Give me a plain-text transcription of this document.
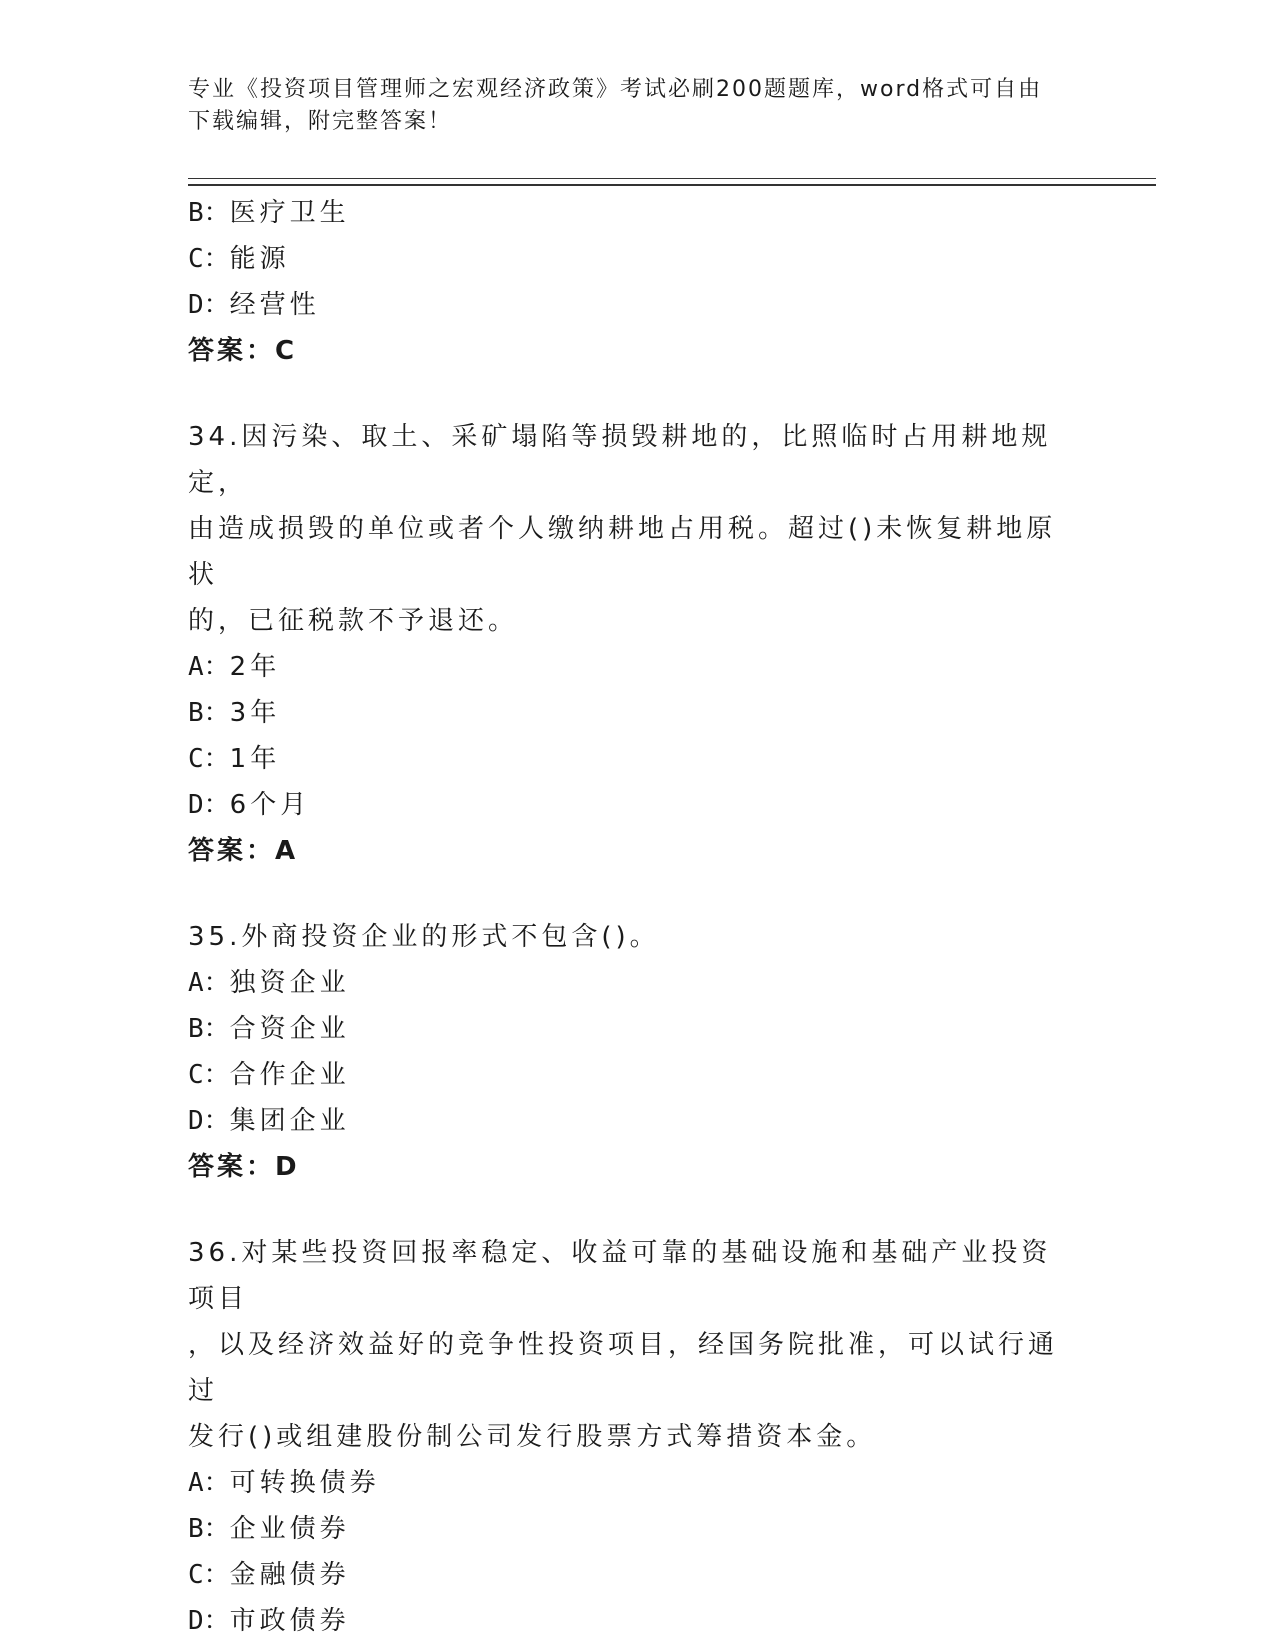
专业《投资项目管理师之宏观经济政策》考试必刷200题题库，word格式可自由
下载编辑，附完整答案！
B：医疗卫生
C：能源
D：经营性
答案：C
34.因污染、取土、采矿塌陷等损毁耕地的，比照临时占用耕地规定，
由造成损毁的单位或者个人缴纳耕地占用税。超过()未恢复耕地原状
的，已征税款不予退还。
A：2年
B：3年
C：1年
D：6个月
答案：A
35.外商投资企业的形式不包含()。
A：独资企业
B：合资企业
C：合作企业
D：集团企业
答案：D
36.对某些投资回报率稳定、收益可靠的基础设施和基础产业投资项目
，以及经济效益好的竞争性投资项目，经国务院批准，可以试行通过
发行()或组建股份制公司发行股票方式筹措资本金。
A：可转换债券
B：企业债券
C：金融债券
D：市政债券
